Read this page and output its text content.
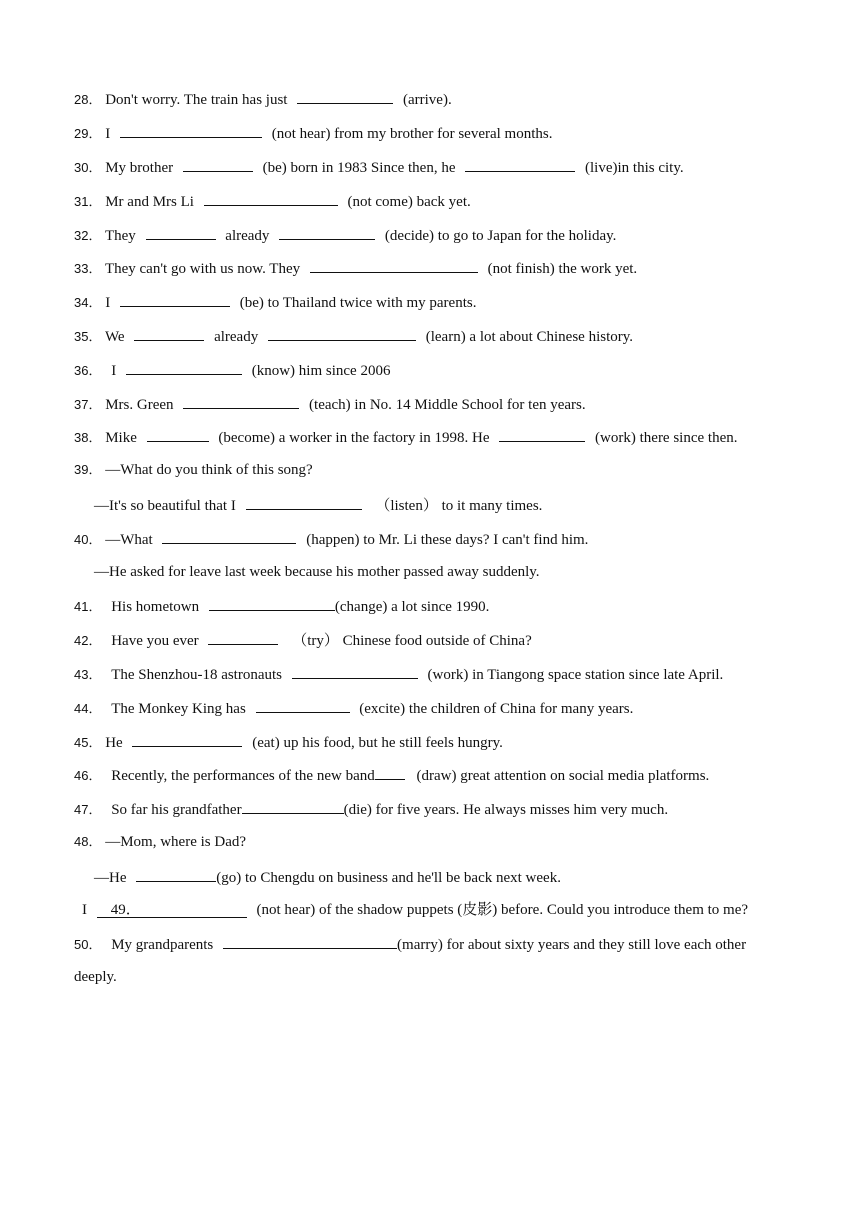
28． Don't worry. The train has just	(arrive).
29． I	(not hear) from my brother for several months.
30． My brother	(be) born in 1983 Since then, he	(live)in this city.
31． Mr and Mrs Li	(not come) back yet.
32． They	already	(decide) to go to Japan for the holiday.
33． They can't go with us now. They	(not finish) the work yet.
34． I	(be) to Thailand twice with my parents.
35． We	already	(learn) a lot about Chinese history.
36． I	(know) him since 2006
37． Mrs. Green	(teach) in No. 14 Middle School for ten years.
38． Mike	(become) a worker in the factory in 1998. He	(work) there since then.
39． —What do you think of this song?
—It's so beautiful that I	（listen） to it many times.
40． —What	(happen) to Mr. Li these days? I can't find him.
—He asked for leave last week because his mother passed away suddenly.
41． His hometown	(change) a lot since 1990.
42． Have you ever	（try） Chinese food outside of China?
43． The Shenzhou-18 astronauts	(work) in Tiangong space station since late April.
44． The Monkey King has	(excite) the children of China for many years.
45． He	(eat) up his food, but he still feels hungry.
46． Recently, the performances of the new band	(draw) great attention on social media platforms.
47． So far his grandfather	(die) for five years. He always misses him very much.
48． —Mom, where is Dad?
—He	(go) to Chengdu on business and he'll be back next week.
I 49．	(not hear) of the shadow puppets (皮影) before. Could you introduce them to me?
50． My grandparents	(marry) for about sixty years and they still love each other
deeply.
